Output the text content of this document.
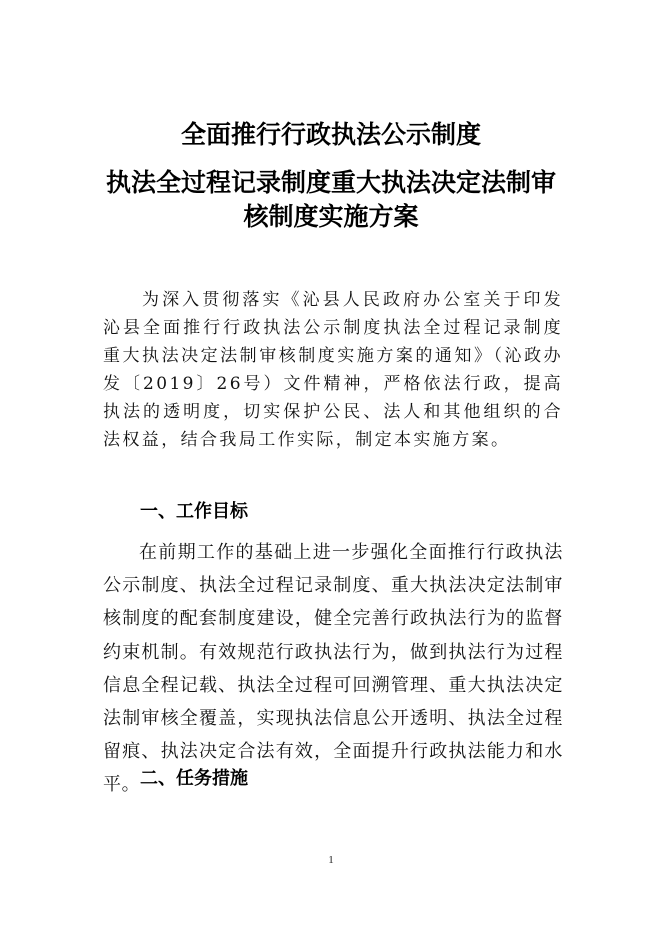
全面推行行政执法公示制度
执法全过程记录制度重大执法决定法制审
核制度实施方案
为深入贯彻落实《沁县人民政府办公室关于印发沁县全面推行行政执法公示制度执法全过程记录制度重大执法决定法制审核制度实施方案的通知》（沁政办发〔2019〕26号）文件精神，严格依法行政，提高执法的透明度，切实保护公民、法人和其他组织的合法权益，结合我局工作实际，制定本实施方案。
一、工作目标
在前期工作的基础上进一步强化全面推行行政执法公示制度、执法全过程记录制度、重大执法决定法制审核制度的配套制度建设，健全完善行政执法行为的监督约束机制。有效规范行政执法行为，做到执法行为过程信息全程记载、执法全过程可回溯管理、重大执法决定法制审核全覆盖，实现执法信息公开透明、执法全过程留痕、执法决定合法有效，全面提升行政执法能力和水平。 二、任务措施
1
